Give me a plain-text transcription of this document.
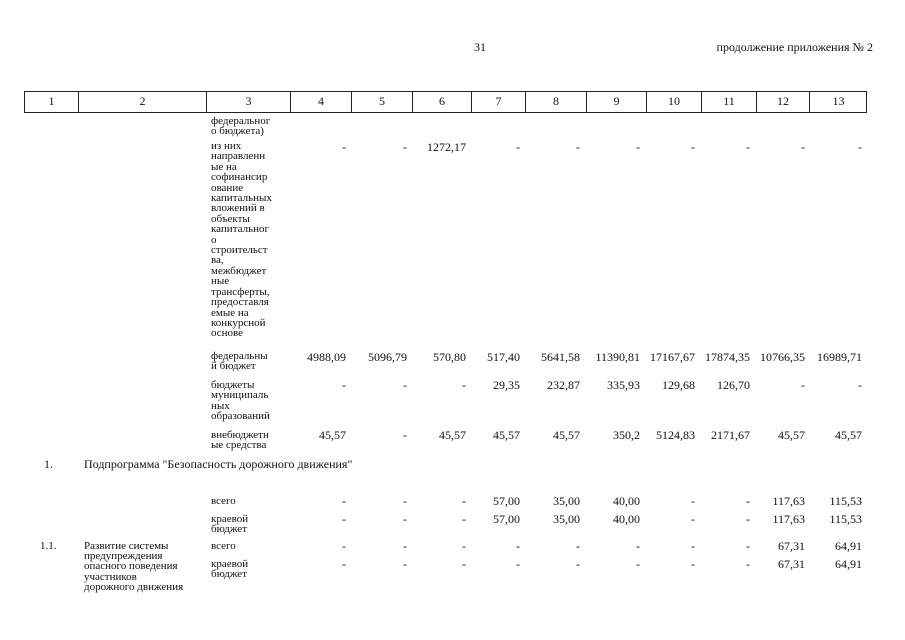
31	продолжение приложения № 2
1	2	3	4	5	6	7	8	9	10	11	12	13
федеральног
о бюджета)
из них
направленн
ые на
софинансир
ование
капитальных
вложений в
объекты
капитальног
о
строительст
ва,
межбюджет
ные
трансферты,
предоставля
емые на
конкурсной
основе
-	- 1272,17	-	-	-	-	-	-	-
федеральны
й бюджет
4988,09 5096,79 570,80 517,40 5641,58 11390,81 17167,67 17874,35 10766,35 16989,71
бюджеты
муниципаль
ных
образований
-	-	- 29,35 232,87 335,93 129,68 126,70	-	-
внебюджетн
ые средства
45,57	-	45,57 45,57	45,57	350,2 5124,83 2171,67 45,57	45,57
1.	Подпрограмма "Безопасность дорожного движения"
всего	-	-	- 57,00	35,00	40,00	-	- 117,63 115,53
краевой
бюджет
-	-	- 57,00	35,00	40,00	-	- 117,63 115,53
1.1.	Развитие системы
предупреждения
опасного поведения
участников
дорожного движения
всего	-	-	-	-	-	-	-	- 67,31	64,91
краевой
бюджет
-	-	-	-	-	-	-	- 67,31	64,91
